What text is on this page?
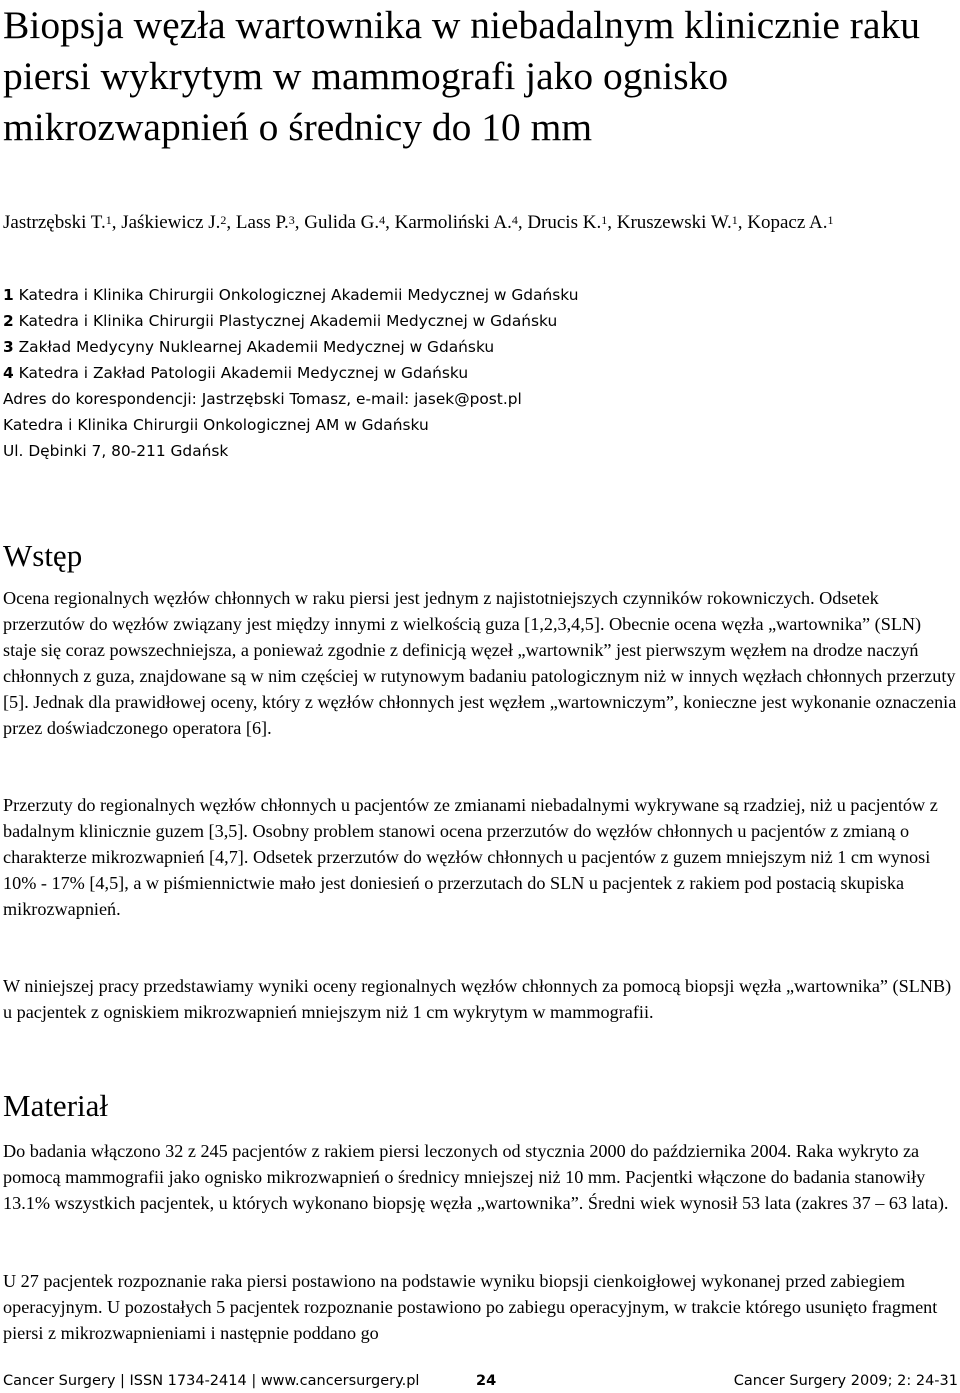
Biopsja węzła wartownika w niebadalnym klinicznie raku piersi wykrytym w mammografi jako ognisko mikrozwapnień o średnicy do 10 mm
Jastrzębski T.$^1$, Jaśkiewicz J.$^2$, Lass P.$^3$, Gulida G.$^4$, Karmoliński A.$^4$, Drucis K.$^1$, Kruszewski W.$^1$, Kopacz A.$^1$
1 Katedra i Klinika Chirurgii Onkologicznej Akademii Medycznej w Gdańsku
2 Katedra i Klinika Chirurgii Plastycznej Akademii Medycznej w Gdańsku
3 Zakład Medycyny Nuklearnej Akademii Medycznej w Gdańsku
4 Katedra i Zakład Patologii Akademii Medycznej w Gdańsku
Adres do korespondencji: Jastrzębski Tomasz, e-mail: jasek@post.pl
Katedra i Klinika Chirurgii Onkologicznej AM w Gdańsku
Ul. Dębinki 7, 80-211 Gdańsk
Wstęp

Ocena regionalnych węzłów chłonnych w raku piersi jest jednym z najistotniejszych czynników rokowniczych. Odsetek przerzutów do węzłów związany jest między innymi z wielkością guza [1,2,3,4,5]. Obecnie ocena węzła „wartownika” (SLN) staje się coraz powszechniejsza, a ponieważ zgodnie z definicją węzeł „wartownik” jest pierwszym węzłem na drodze naczyń chłonnych z guza, znajdowane są w nim częściej w rutynowym badaniu patologicznym niż w innych węzłach chłonnych przerzuty [5]. Jednak dla prawidłowej oceny, który z węzłów chłonnych jest węzłem „wartowniczym”, konieczne jest wykonanie oznaczenia przez doświadczonego operatora [6].

Przerzuty do regionalnych węzłów chłonnych u pacjentów ze zmianami niebadalnymi wykrywane są rzadziej, niż u pacjentów z badalnym klinicznie guzem [3,5]. Osobny problem stanowi ocena przerzutów do węzłów chłonnych u pacjentów z zmianą o charakterze mikrozwapnień [4,7]. Odsetek przerzutów do węzłów chłonnych u pacjentów z guzem mniejszym niż 1 cm wynosi 10% - 17% [4,5], a w piśmiennictwie mało jest doniesień o przerzutach do SLN u pacjentek z rakiem pod postacią skupiska mikrozwapnień.

W niniejszej pracy przedstawiamy wyniki oceny regionalnych węzłów chłonnych za pomocą biopsji węzła „wartownika” (SLNB) u pacjentek z ogniskiem mikrozwapnień mniejszym niż 1 cm wykrytym w mammografii.

Materiał

Do badania włączono 32 z 245 pacjentów z rakiem piersi leczonych od stycznia 2000 do października 2004. Raka wykryto za pomocą mammografii jako ognisko mikrozwapnień o średnicy mniejszej niż 10 mm. Pacjentki włączone do badania stanowiły 13.1% wszystkich pacjentek, u których wykonano biopsję węzła „wartownika”. Średni wiek wynosił 53 lata (zakres 37 – 63 lata).

U 27 pacjentek rozpoznanie raka piersi postawiono na podstawie wyniku biopsji cienkoigłowej wykonanej przed zabiegiem operacyjnym. U pozostałych 5 pacjentek rozpoznanie postawiono po zabiegu operacyjnym, w trakcie którego usunięto fragment piersi z mikrozwapnieniami i następnie poddano go

Cancer Surgery | ISSN 1734-2414 | www.cancersurgery.pl	24	Cancer Surgery 2009; 2: 24-31
